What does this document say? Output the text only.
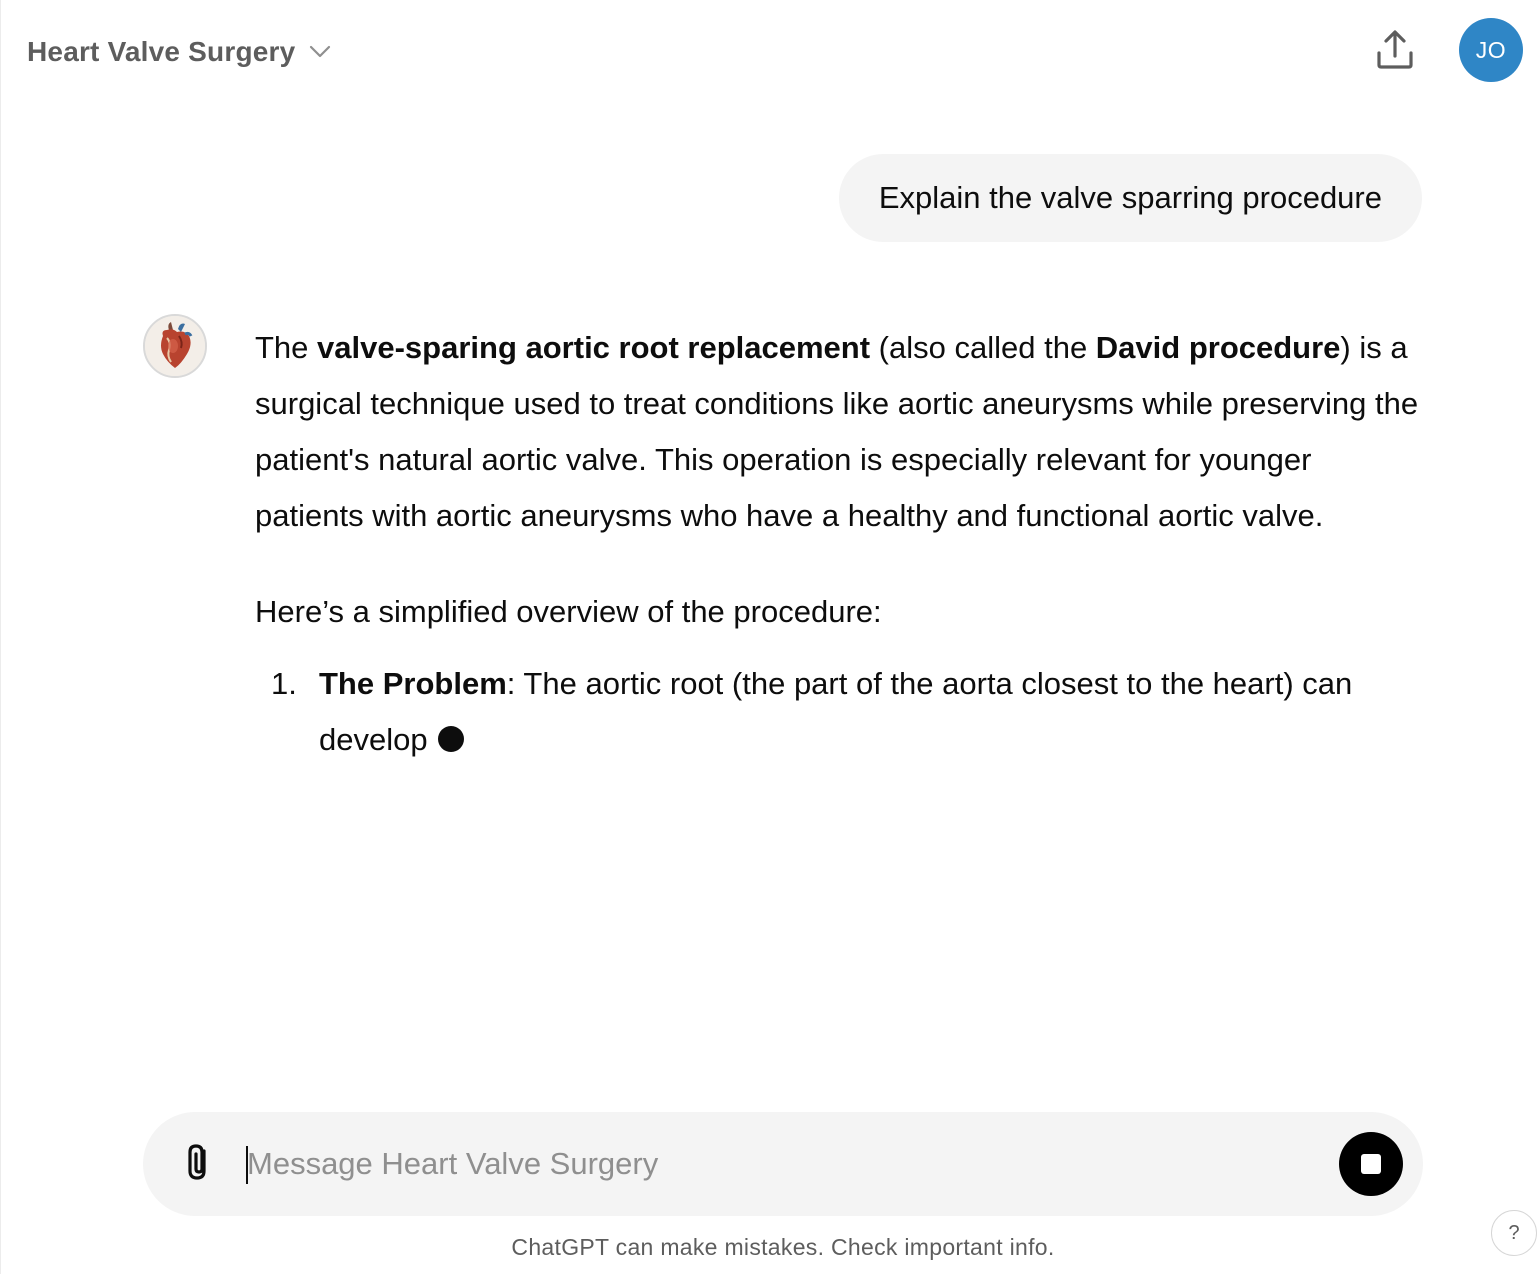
Heart Valve Surgery	JO
Explain the valve sparring procedure

The valve-sparing aortic root replacement (also called the David procedure) is a surgical technique used to treat conditions like aortic aneurysms while preserving the patient's natural aortic valve. This operation is especially relevant for younger patients with aortic aneurysms who have a healthy and functional aortic valve.

Here’s a simplified overview of the procedure:

1. The Problem: The aortic root (the part of the aorta closest to the heart) can develop
Message Heart Valve Surgery
ChatGPT can make mistakes. Check important info.
?
